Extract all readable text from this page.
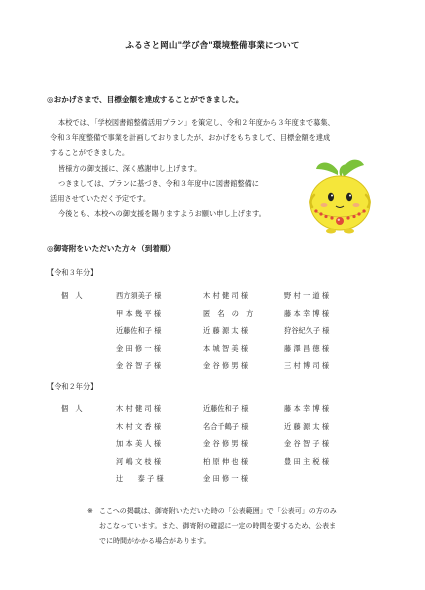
ふるさと岡山"学び舎"環境整備事業について
◎おかげさまで、目標金額を達成することができました。
本校では、「学校図書館整備活用プラン」を策定し、令和２年度から３年度まで募集、
令和３年度整備で事業を計画しておりましたが、おかげをもちまして、目標金額を達成
することができました。
皆様方の御支援に、深く感謝申し上げます。
つきましては、プランに基づき、令和３年度中に図書館整備に
活用させていただく予定です。
今後とも、本校への御支援を賜りますようお願い申し上げます。
◎御寄附をいただいた方々（到着順）
【令和３年分】
個　人	西方須美子 様	木 村 健 司 様	野 村 一 道 様
甲 本 幾 平 様	匿　名　の　方	藤 本 幸 博 様
近藤佐和子 様	近 藤 源 太 様	狩谷紀久子 様
金 田 修 一 様	本 城 智 美 様	藤 澤 昌 徳 様
金 谷 智 子 様	金 谷 修 男 様	三 村 博 司 様
【令和２年分】
個　人	木 村 健 司 様	近藤佐和子 様	藤 本 幸 博 様
木 村 文 香 様	名合千鶴子 様	近 藤 源 太 様
加 本 美 人 様	金 谷 修 男 様	金 谷 智 子 様
河 嶋 文 枝 様	柏 原 伸 也 様	豊 田 主 税 様
辻　　泰 子 様	金 田 修 一 様
※ ここへの掲載は、御寄附いただいた時の「公表範囲」で「公表可」の方のみ
おこなっています。また、御寄附の確認に一定の時間を要するため、公表ま
でに時間がかかる場合があります。
